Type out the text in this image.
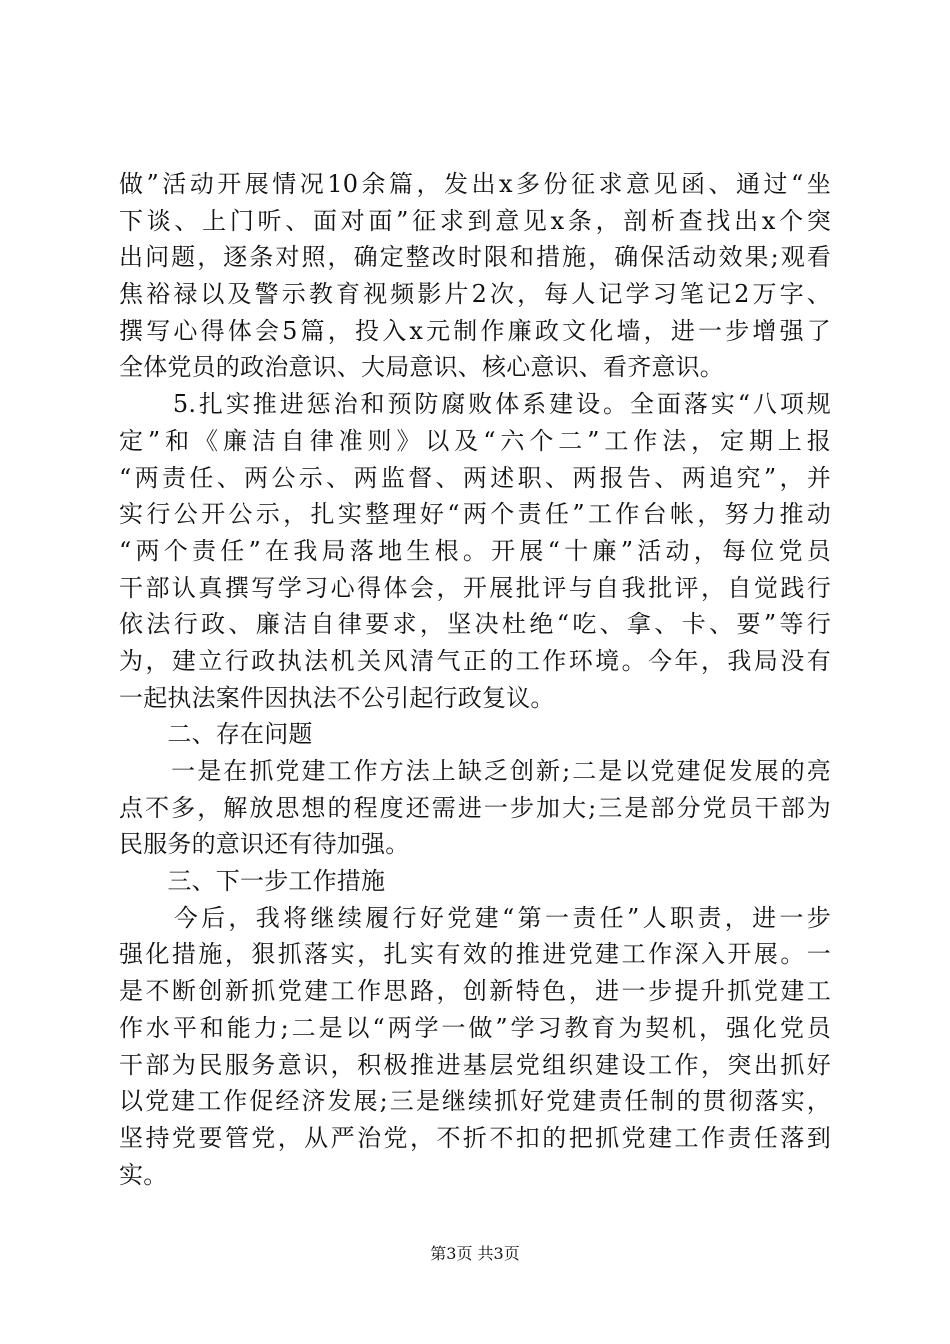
做”活动开展情况10余篇，发出x多份征求意见函、通过“坐
下谈、上门听、面对面”征求到意见x条，剖析查找出x个突
出问题，逐条对照，确定整改时限和措施，确保活动效果;观看
焦裕禄以及警示教育视频影片2次，每人记学习笔记2万字、
撰写心得体会5篇，投入x元制作廉政文化墙，进一步增强了
全体党员的政治意识、大局意识、核心意识、看齐意识。
　　5.扎实推进惩治和预防腐败体系建设。全面落实“八项规
定”和《廉洁自律准则》以及“六个二”工作法，定期上报
“两责任、两公示、两监督、两述职、两报告、两追究”，并
实行公开公示，扎实整理好“两个责任”工作台帐，努力推动
“两个责任”在我局落地生根。开展“十廉”活动，每位党员
干部认真撰写学习心得体会，开展批评与自我批评，自觉践行
依法行政、廉洁自律要求，坚决杜绝“吃、拿、卡、要”等行
为，建立行政执法机关风清气正的工作环境。今年，我局没有
一起执法案件因执法不公引起行政复议。
　　二、存在问题
　　一是在抓党建工作方法上缺乏创新;二是以党建促发展的亮
点不多，解放思想的程度还需进一步加大;三是部分党员干部为
民服务的意识还有待加强。
　　三、下一步工作措施
　　今后，我将继续履行好党建“第一责任”人职责，进一步
强化措施，狠抓落实，扎实有效的推进党建工作深入开展。一
是不断创新抓党建工作思路，创新特色，进一步提升抓党建工
作水平和能力;二是以“两学一做”学习教育为契机，强化党员
干部为民服务意识，积极推进基层党组织建设工作，突出抓好
以党建工作促经济发展;三是继续抓好党建责任制的贯彻落实，
坚持党要管党，从严治党，不折不扣的把抓党建工作责任落到
实。
第3页 共3页
